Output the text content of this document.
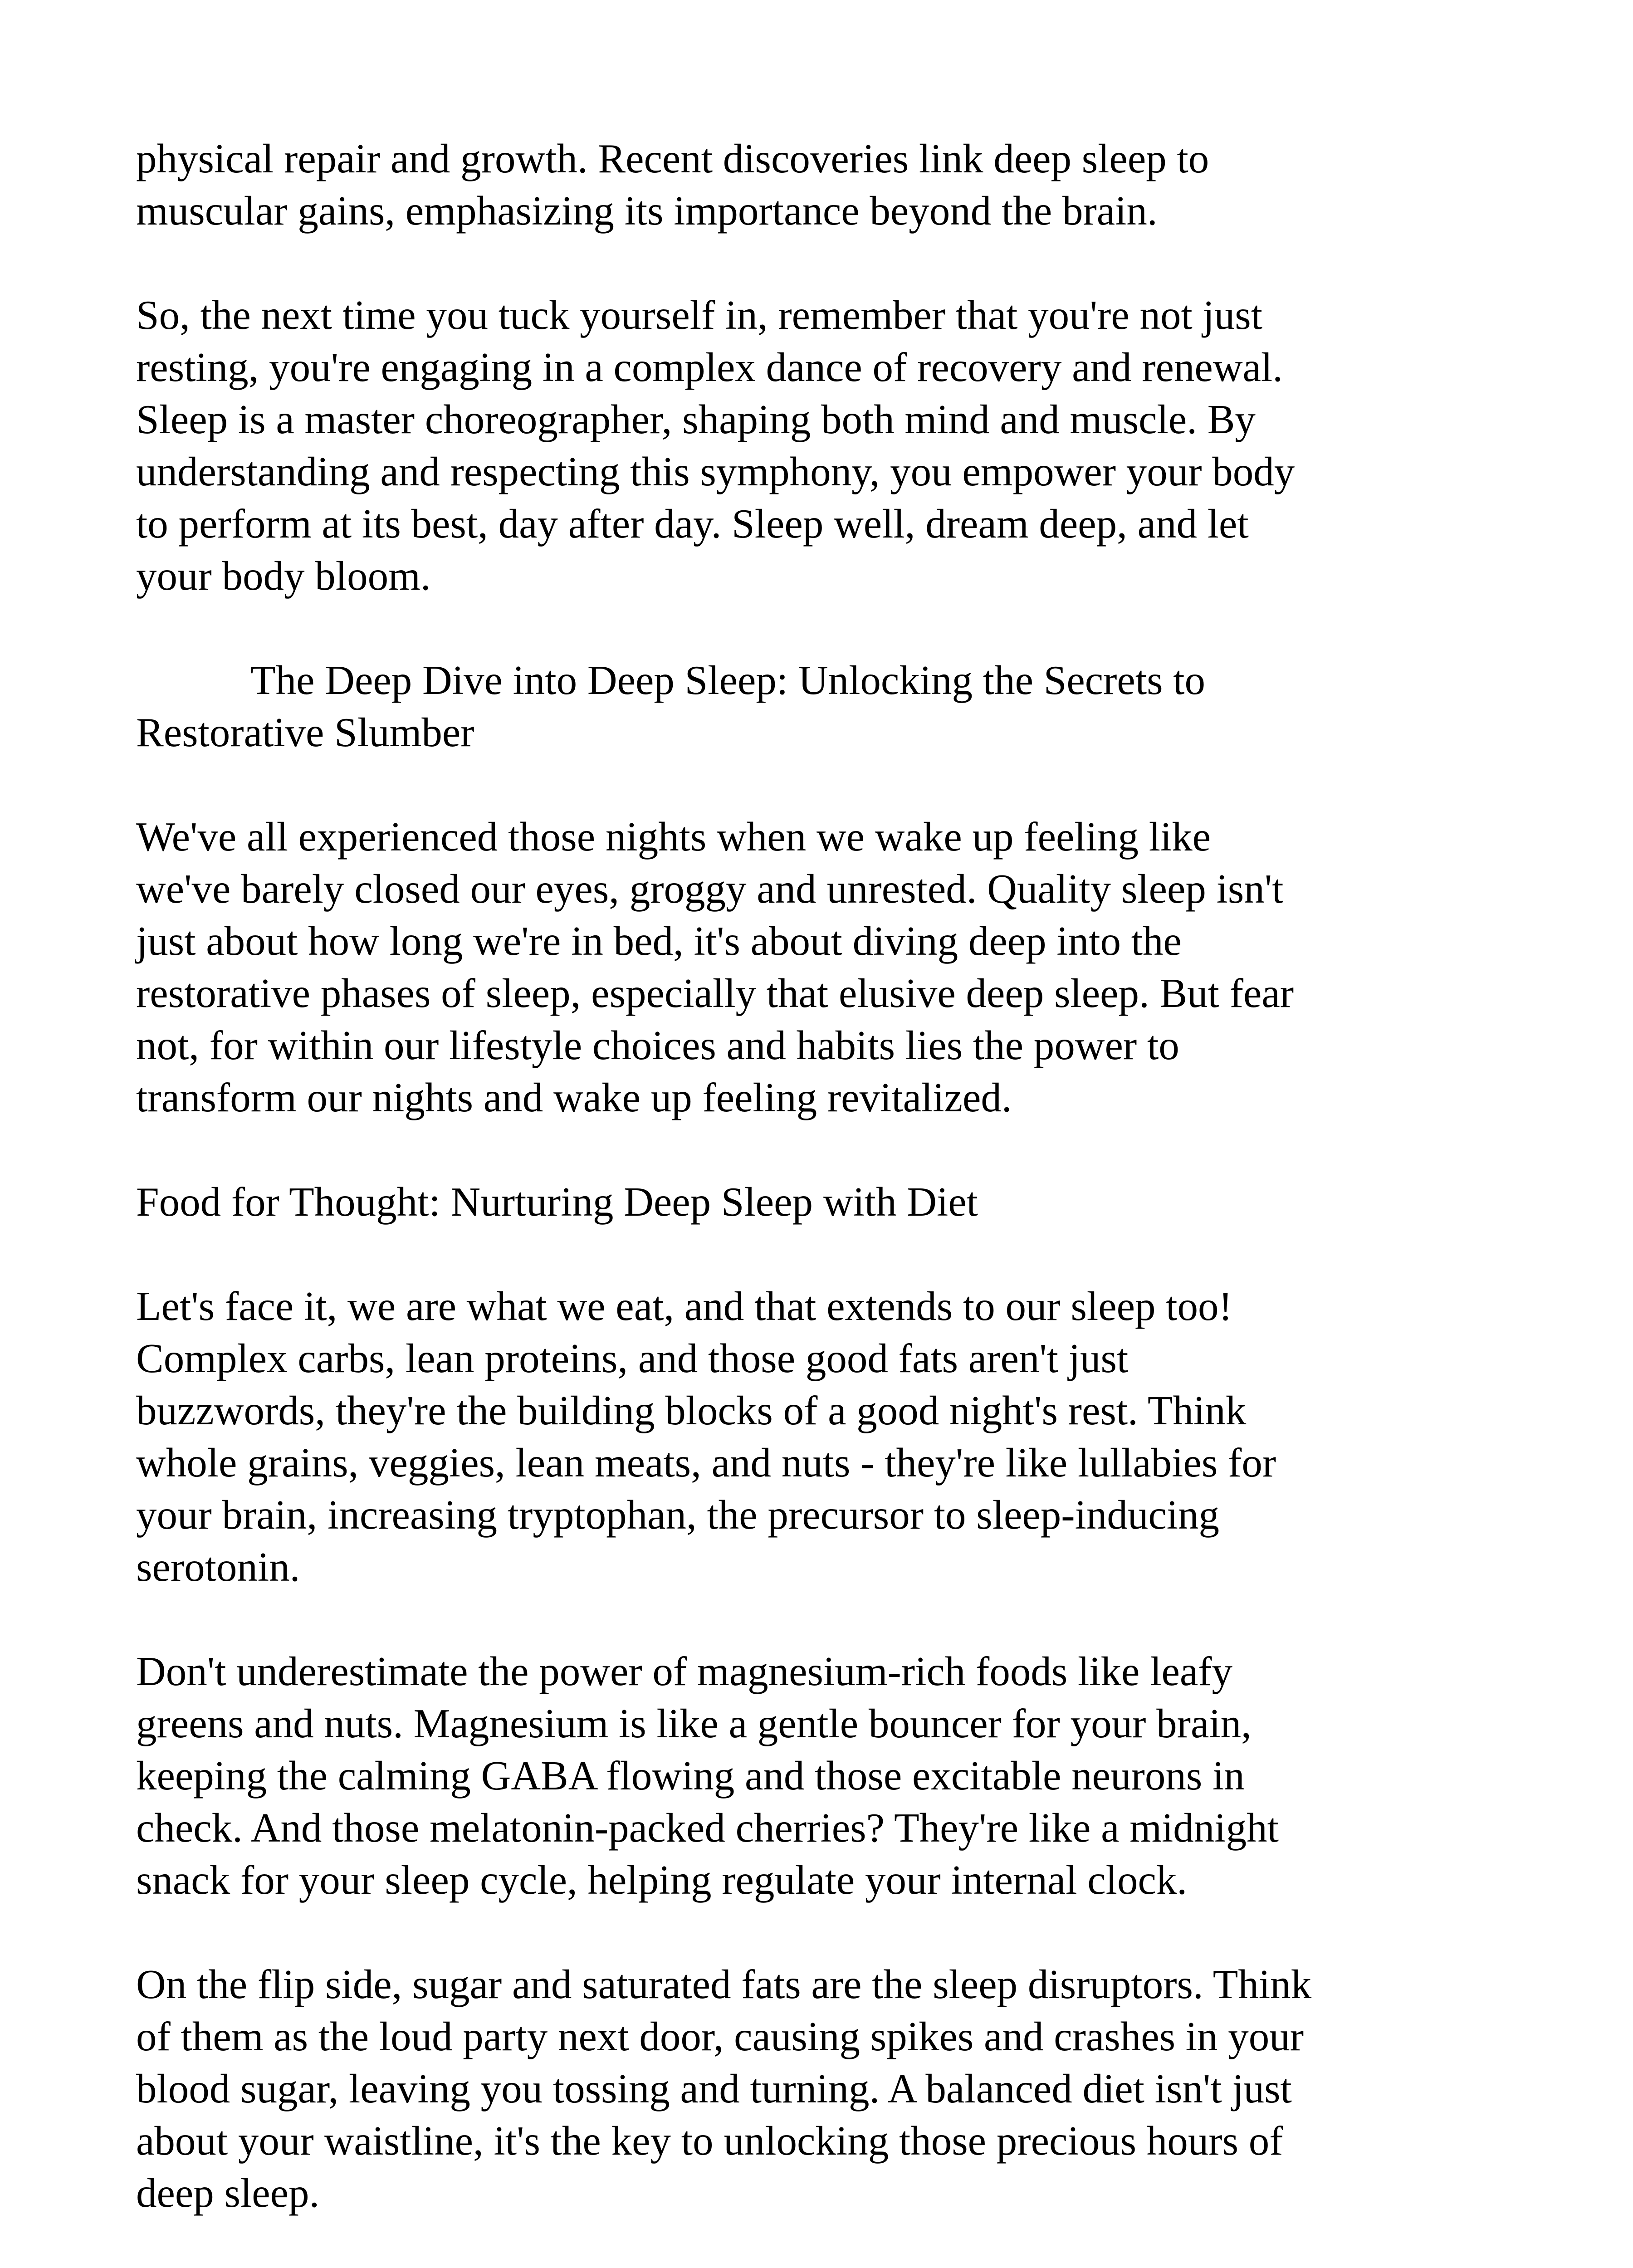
physical repair and growth. Recent discoveries link deep sleep to
muscular gains, emphasizing its importance beyond the brain.

So, the next time you tuck yourself in, remember that you're not just
resting, you're engaging in a complex dance of recovery and renewal.
Sleep is a master choreographer, shaping both mind and muscle. By
understanding and respecting this symphony, you empower your body
to perform at its best, day after day. Sleep well, dream deep, and let
your body bloom.

The Deep Dive into Deep Sleep: Unlocking the Secrets to
Restorative Slumber

We've all experienced those nights when we wake up feeling like
we've barely closed our eyes, groggy and unrested. Quality sleep isn't
just about how long we're in bed, it's about diving deep into the
restorative phases of sleep, especially that elusive deep sleep. But fear
not, for within our lifestyle choices and habits lies the power to
transform our nights and wake up feeling revitalized.

Food for Thought: Nurturing Deep Sleep with Diet

Let's face it, we are what we eat, and that extends to our sleep too!
Complex carbs, lean proteins, and those good fats aren't just
buzzwords, they're the building blocks of a good night's rest. Think
whole grains, veggies, lean meats, and nuts - they're like lullabies for
your brain, increasing tryptophan, the precursor to sleep-inducing
serotonin.

Don't underestimate the power of magnesium-rich foods like leafy
greens and nuts. Magnesium is like a gentle bouncer for your brain,
keeping the calming GABA flowing and those excitable neurons in
check. And those melatonin-packed cherries? They're like a midnight
snack for your sleep cycle, helping regulate your internal clock.

On the flip side, sugar and saturated fats are the sleep disruptors. Think
of them as the loud party next door, causing spikes and crashes in your
blood sugar, leaving you tossing and turning. A balanced diet isn't just
about your waistline, it's the key to unlocking those precious hours of
deep sleep.
